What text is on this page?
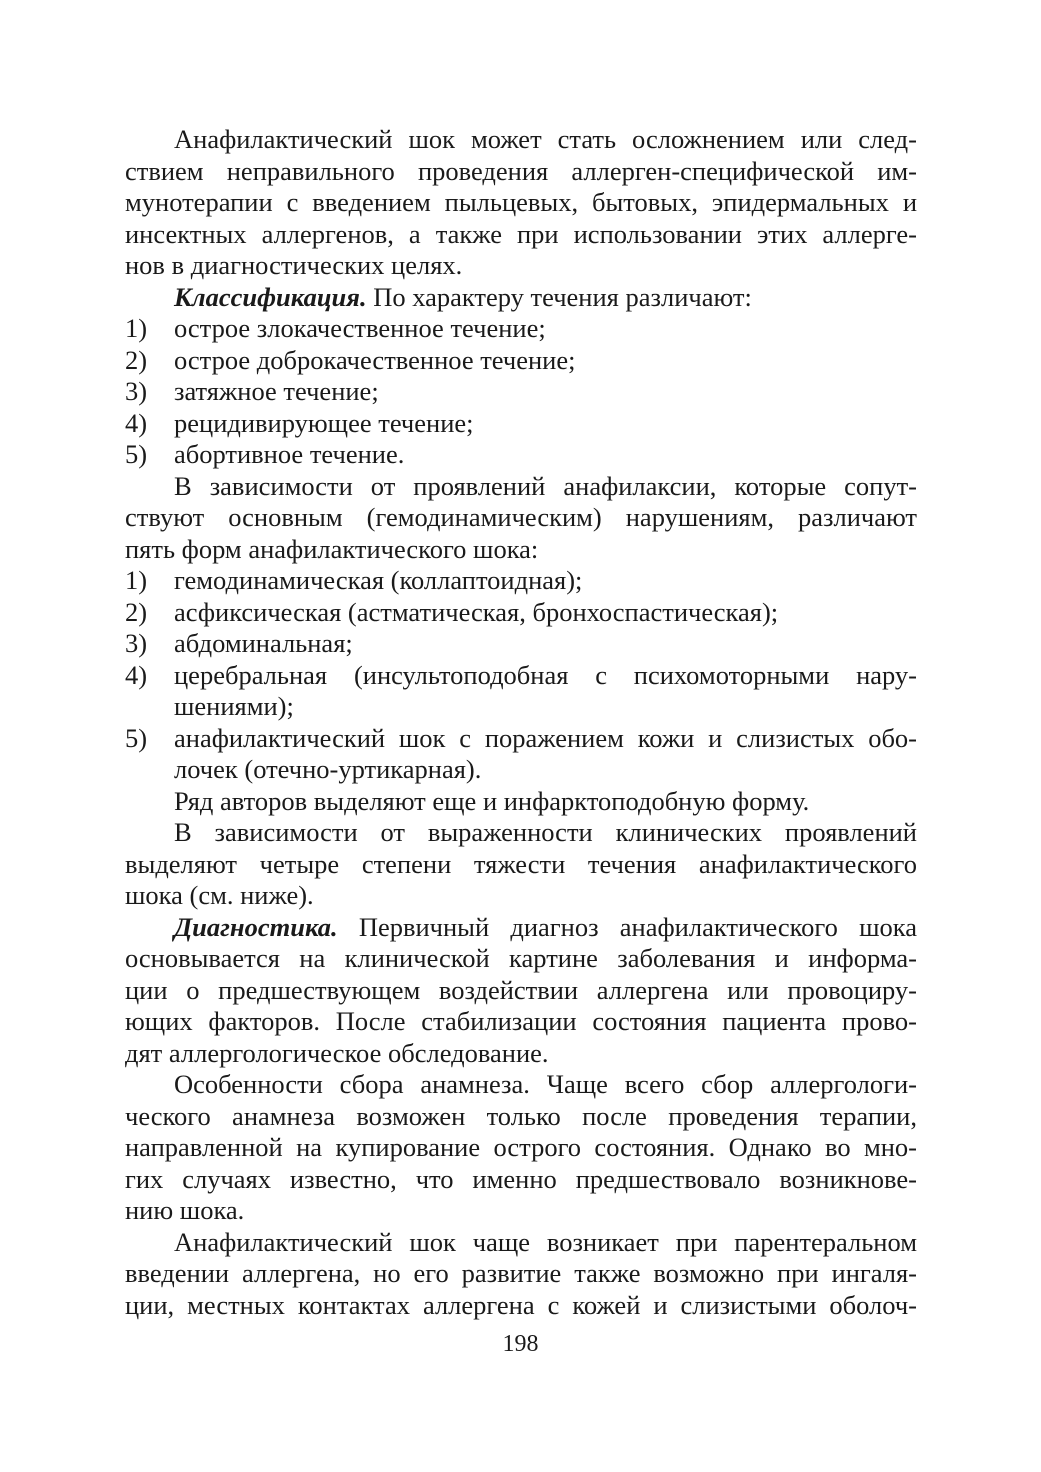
Анафилактический шок может стать осложнением или след-
ствием неправильного проведения аллерген-специфической им-
мунотерапии с введением пыльцевых, бытовых, эпидермальных и
инсектных аллергенов, а также при использовании этих аллерге-
нов в диагностических целях.
Классификация. По характеру течения различают:
1) острое злокачественное течение;
2) острое доброкачественное течение;
3) затяжное течение;
4) рецидивирующее течение;
5) абортивное течение.
В зависимости от проявлений анафилаксии, которые сопут-
ствуют основным (гемодинамическим) нарушениям, различают
пять форм анафилактического шока:
1) гемодинамическая (коллаптоидная);
2) асфиксическая (астматическая, бронхоспастическая);
3) абдоминальная;
4) церебральная (инсультоподобная с психомоторными нару-
шениями);
5) анафилактический шок с поражением кожи и слизистых обо-
лочек (отечно-уртикарная).
Ряд авторов выделяют еще и инфарктоподобную форму.
В зависимости от выраженности клинических проявлений
выделяют четыре степени тяжести течения анафилактического
шока (см. ниже).
Диагностика. Первичный диагноз анафилактического шока
основывается на клинической картине заболевания и информа-
ции о предшествующем воздействии аллергена или провоциру-
ющих факторов. После стабилизации состояния пациента прово-
дят аллергологическое обследование.
Особенности сбора анамнеза. Чаще всего сбор аллергологи-
ческого анамнеза возможен только после проведения терапии,
направленной на купирование острого состояния. Однако во мно-
гих случаях известно, что именно предшествовало возникнове-
нию шока.
Анафилактический шок чаще возникает при парентеральном
введении аллергена, но его развитие также возможно при ингаля-
ции, местных контактах аллергена с кожей и слизистыми оболоч-
198
